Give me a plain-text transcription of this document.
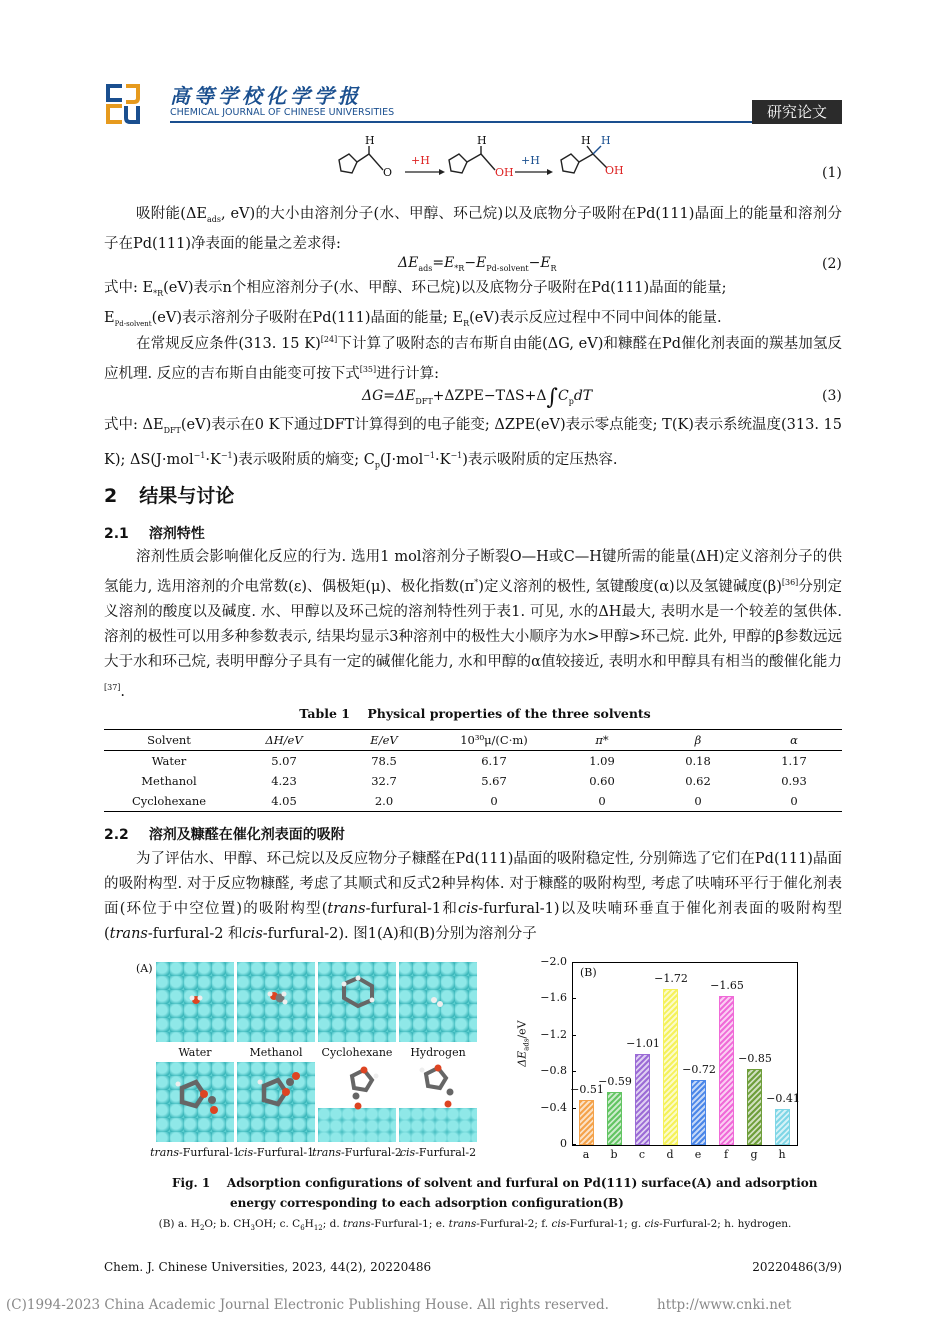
高等学校化学学报
CHEMICAL JOURNAL OF CHINESE UNIVERSITIES	研究论文
H
O
+H
H
OH
+H
H H
OH	(1)
吸附能($\Delta E_{ads}$, eV)的大小由溶剂分子(水、甲醇、环己烷)以及底物分子吸附在Pd(111)晶面上的能量和溶剂分子在Pd(111)净表面的能量之差求得:
$\Delta E_{ads}=E_{*R}-E_{Pd-solvent}-E_R$	(2)
式中: $E_{*R}(eV)$表示n个相应溶剂分子(水、甲醇、环己烷)以及底物分子吸附在Pd(111)晶面的能量;
$E_{Pd-solvent}(eV)$表示溶剂分子吸附在Pd(111)晶面的能量; $E_R(eV)$表示反应过程中不同中间体的能量.
在常规反应条件(313. 15 K)[24]下计算了吸附态的吉布斯自由能(ΔG, eV)和糠醛在Pd催化剂表面的羰基加氢反应机理. 反应的吉布斯自由能变可按下式[35]进行计算:
$\Delta G=\Delta E_{DFT}+\Delta ZPE-T\Delta S+\Delta\int C_pdT$	(3)
式中: $\Delta E_{DFT}(eV)$表示在0 K下通过DFT计算得到的电子能变; ΔZPE(eV)表示零点能变; T(K)表示系统温度(313. 15 K); $\Delta S(J\cdot mol^{-1}\cdot K^{-1})$表示吸附质的熵变; $C_p(J\cdot mol^{-1}\cdot K^{-1})$表示吸附质的定压热容.
2 结果与讨论
2.1 溶剂特性
溶剂性质会影响催化反应的行为. 选用1 mol溶剂分子断裂O—H或C—H键所需的能量(ΔH)定义溶剂分子的供氢能力, 选用溶剂的介电常数(ε)、偶极矩(μ)、极化指数(π*)定义溶剂的极性, 氢键酸度(α)以及氢键碱度(β)[36]分别定义溶剂的酸度以及碱度. 水、甲醇以及环己烷的溶剂特性列于表1. 可见, 水的ΔH最大, 表明水是一个较差的氢供体. 溶剂的极性可以用多种参数表示, 结果均显示3种溶剂中的极性大小顺序为水>甲醇>环己烷. 此外, 甲醇的β参数远远大于水和环己烷, 表明甲醇分子具有一定的碱催化能力, 水和甲醇的α值较接近, 表明水和甲醇具有相当的酸催化能力[37].
Table 1    Physical properties of the three solvents
Solvent	ΔH/eV	E/eV	10³⁰μ/(C·m)	π*	β	α
Water	5.07	78.5	6.17	1.09	0.18	1.17
Methanol	4.23	32.7	5.67	0.60	0.62	0.93
Cyclohexane	4.05	2.0	0	0	0	0
2.2 溶剂及糠醛在催化剂表面的吸附
为了评估水、甲醇、环己烷以及反应物分子糠醛在Pd(111)晶面的吸附稳定性, 分别筛选了它们在Pd(111)晶面的吸附构型. 对于反应物糠醛, 考虑了其顺式和反式2种异构体. 对于糠醛的吸附构型, 考虑了呋喃环平行于催化剂表面(环位于中空位置)的吸附构型(trans-furfural-1和cis-furfural-1)以及呋喃环垂直于催化剂表面的吸附构型(trans-furfural-2 和cis-furfural-2). 图1(A)和(B)分别为溶剂分子
(A)
Water	Methanol	Cyclohexane	Hydrogen
trans-Furfural-1
cis-Furfural-1
trans-Furfural-2
cis-Furfural-2
(B)
$\Delta E_{ads}/eV$
−0.51
−0.59
−1.01
−1.72
−0.72
−1.65
−0.85
−0.41
−2.0
−1.6
−1.2
−0.8
−0.4
0
a	b	c	d	e	f	g	h
Fig. 1    Adsorption configurations of solvent and furfural on Pd(111) surface(A) and adsorption
energy corresponding to each adsorption configuration(B)
(B) a. $H_2O$; b. $CH_3OH$; c. $C_6H_{12}$; d. trans-Furfural-1; e. trans-Furfural-2; f. cis-Furfural-1; g. cis-Furfural-2; h. hydrogen.
Chem. J. Chinese Universities, 2023, 44(2), 20220486	20220486(3/9)
(C)1994-2023 China Academic Journal Electronic Publishing House. All rights reserved.	http://www.cnki.net
